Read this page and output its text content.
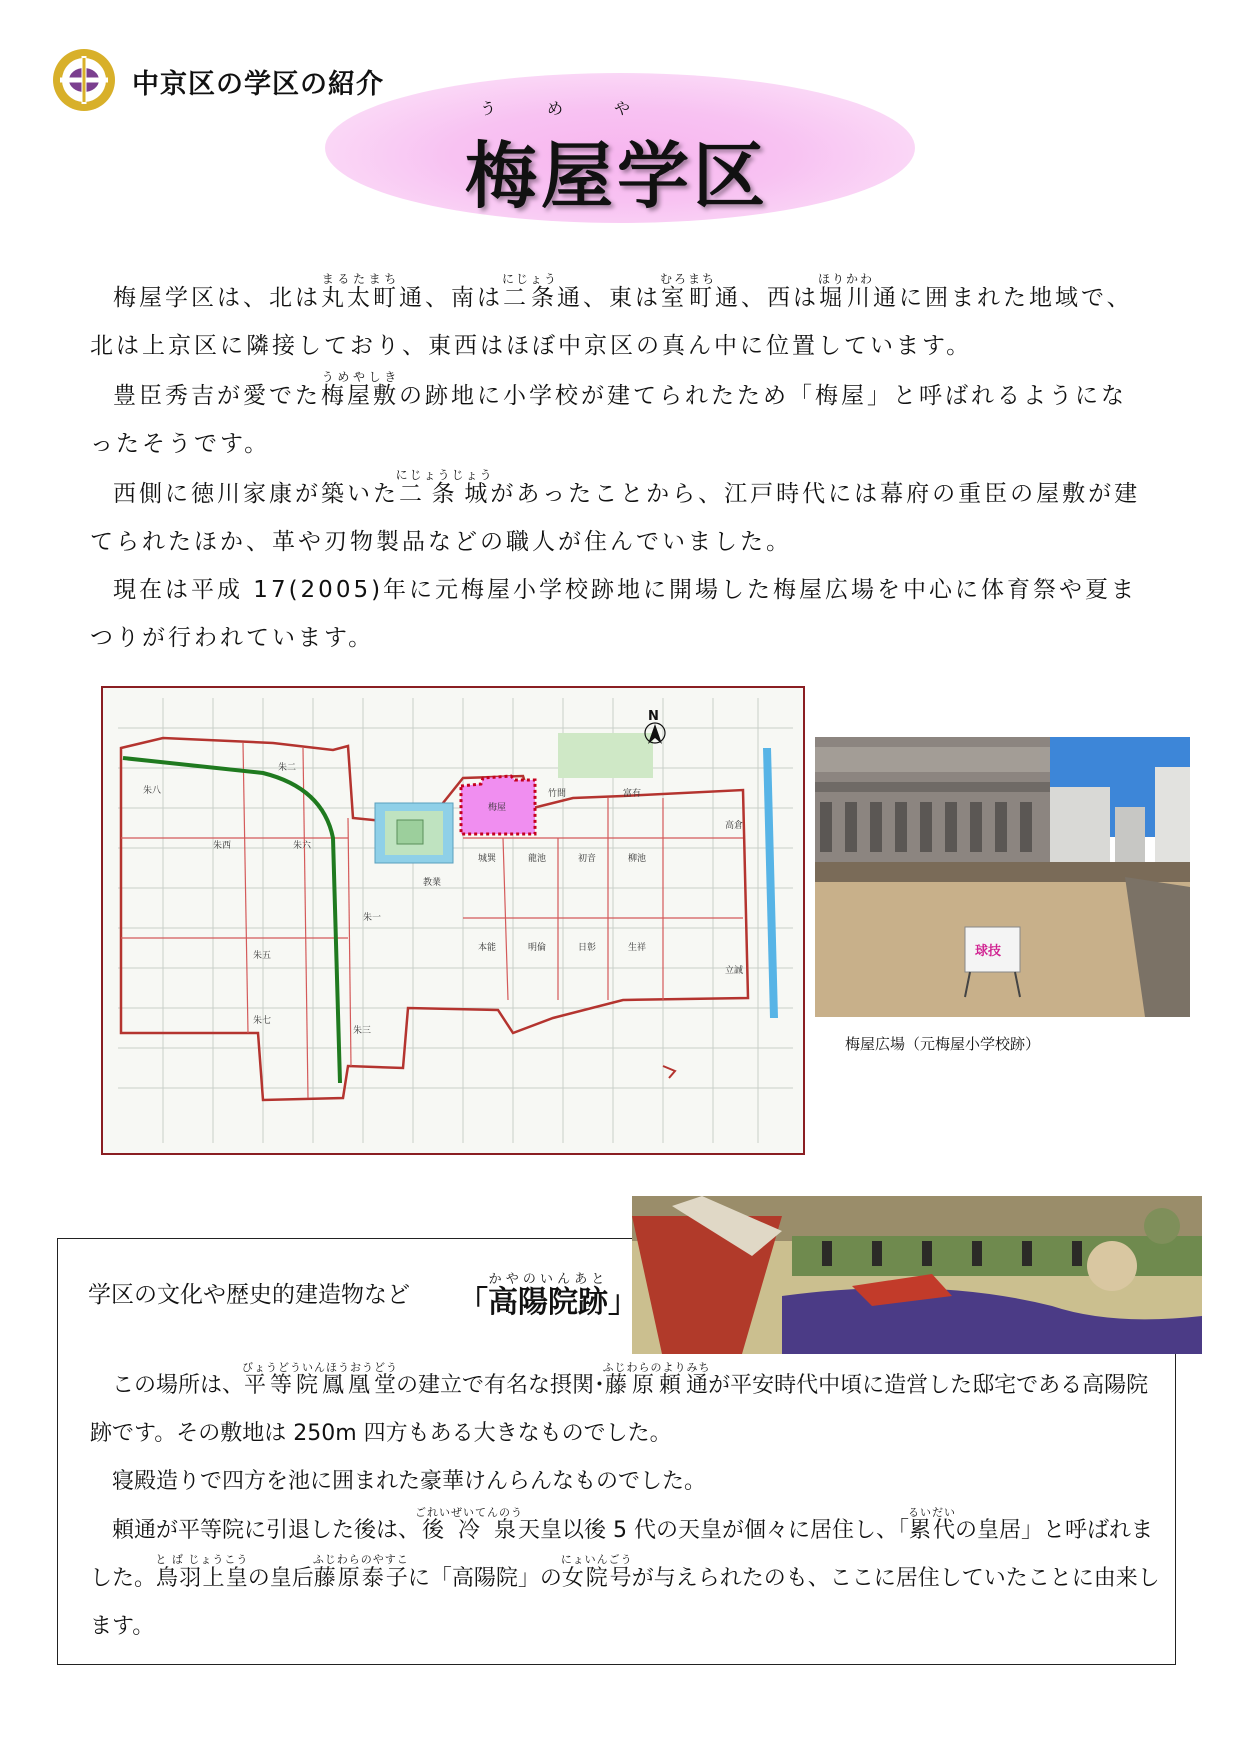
中京区の学区の紹介
う	め	や
梅屋学区

梅屋学区は、北は丸太町まるたまち通、南は二条にじょう通、東は室町むろまち通、西は堀川ほりかわ通に囲まれた地域で、北は上京区に隣接しており、東西はほぼ中京区の真ん中に位置しています。

豊臣秀吉が愛でた梅屋敷うめやしきの跡地に小学校が建てられたため「梅屋」と呼ばれるようになったそうです。

西側に徳川家康が築いた二条城にじょうじょうがあったことから、江戸時代には幕府の重臣の屋敷が建てられたほか、革や刃物製品などの職人が住んでいました。

現在は平成 17(2005)年に元梅屋小学校跡地に開場した梅屋広場を中心に体育祭や夏まつりが行われています。

N
梅屋
竹間	富有
城巽	龍池	初音	柳池
教業
本能	明倫	日彰	生祥
立誠
朱一
朱二
朱三
朱五
朱六
朱七
朱八
朱西
高倉
球技
梅屋広場（元梅屋小学校跡）
学区の文化や歴史的建造物など 「高陽院跡かやのいんあと」

この場所は、平等院鳳凰堂びょうどういんほうおうどうの建立で有名な摂関･藤原頼通ふじわらのよりみちが平安時代中頃に造営した邸宅である高陽院跡です。その敷地は 250m 四方もある大きなものでした。

寝殿造りで四方を池に囲まれた豪華けんらんなものでした。

頼通が平等院に引退した後は、後冷泉ごれいぜいてんのう天皇以後 5 代の天皇が個々に居住し、「累代るいだいの皇居」と呼ばれました。鳥羽上皇と ば じょうこうの皇后藤原泰子ふじわらのやすこに「高陽院」の女院号にょいんごうが与えられたのも、ここに居住していたことに由来します。
